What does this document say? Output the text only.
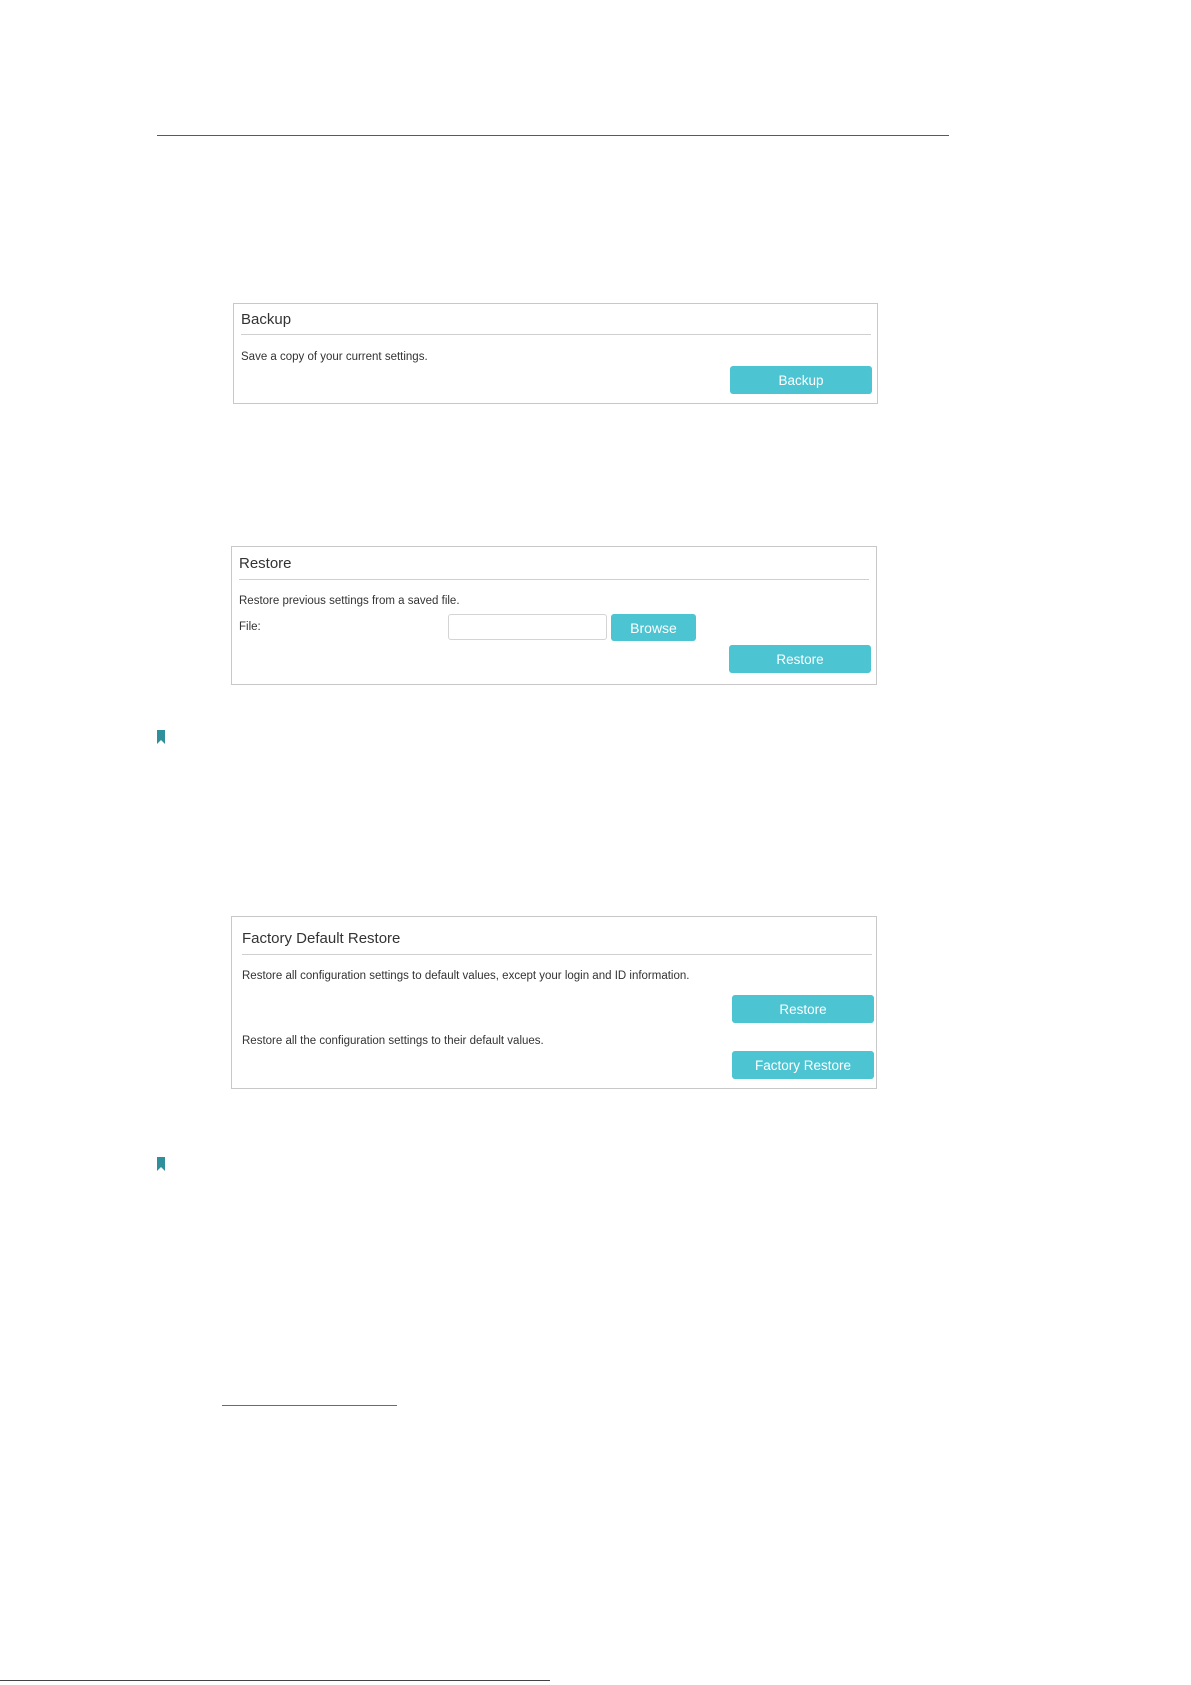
Backup
Save a copy of your current settings.
Backup
Restore
Restore previous settings from a saved file.
File:	Browse
Restore
Factory Default Restore
Restore all configuration settings to default values, except your login and ID information.
Restore
Restore all the configuration settings to their default values.
Factory Restore
